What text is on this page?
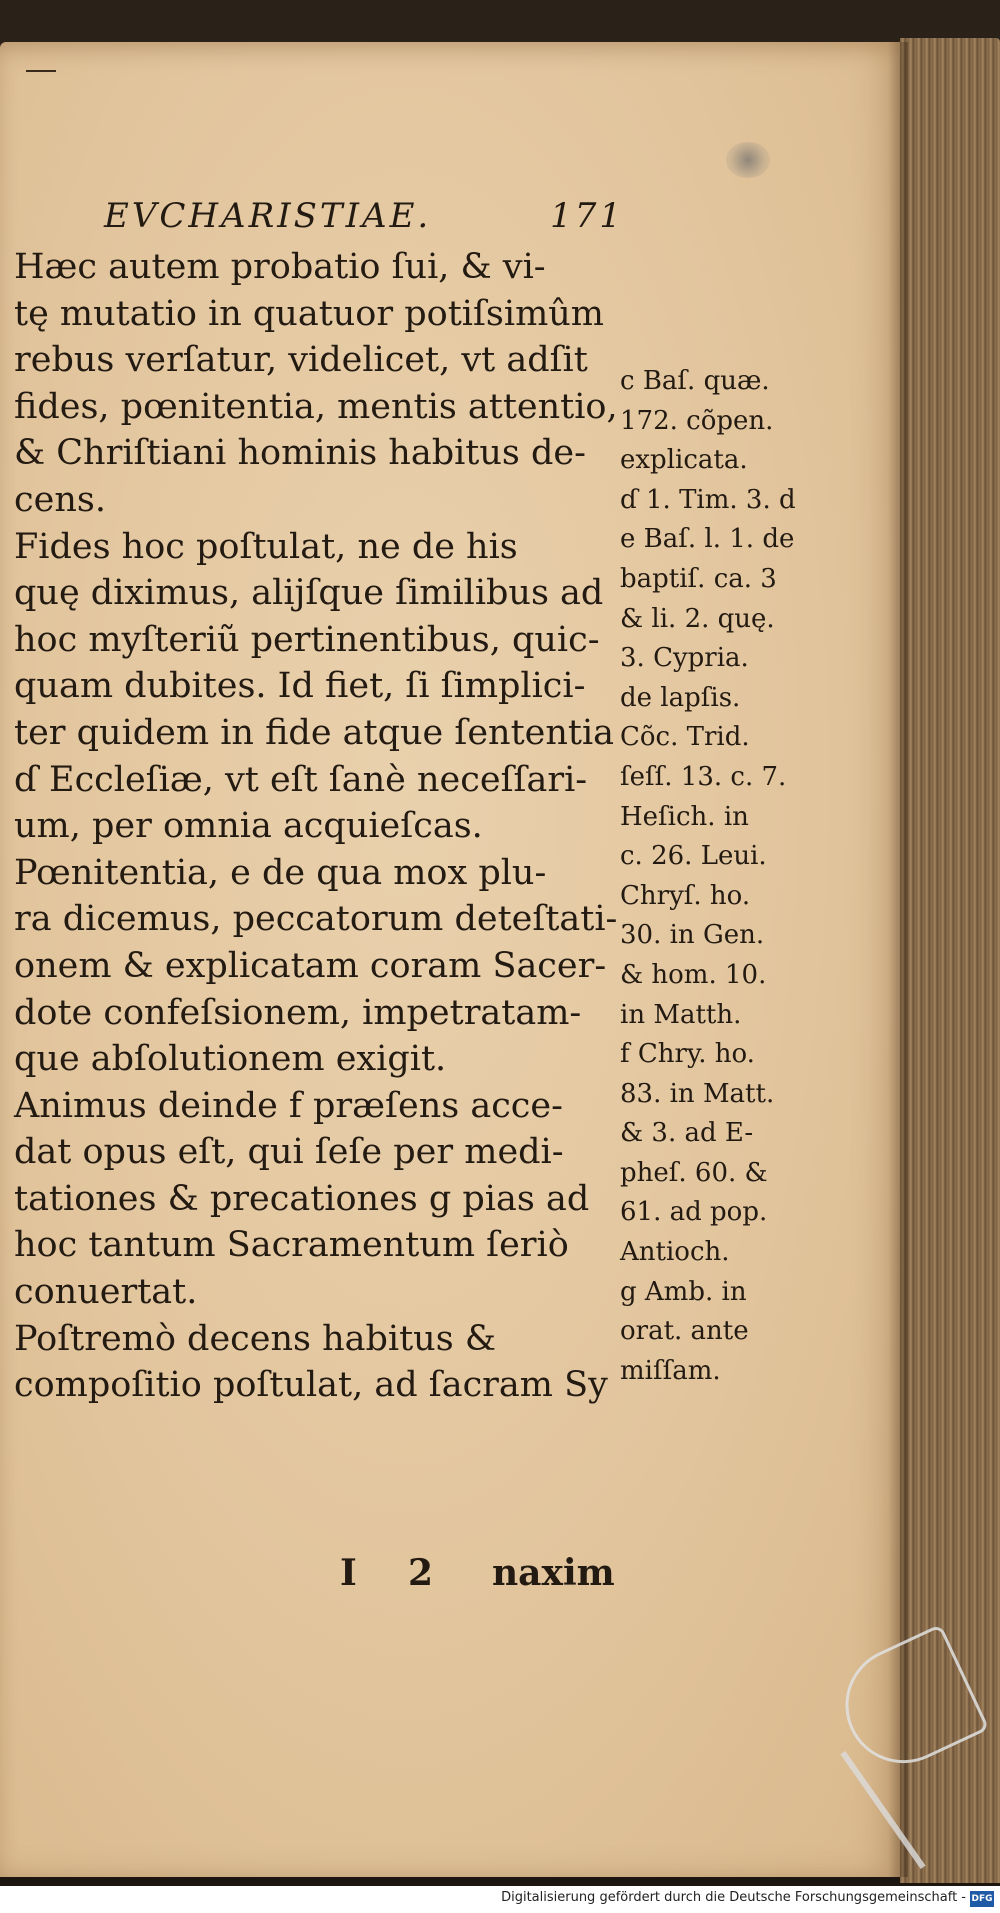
EVCHARISTIAE.	171
Hæc autem probatio ſui, & vi-
tę mutatio in quatuor potiſsimûm
rebus verſatur, videlicet, vt adſit
fides, pœnitentia, mentis attentio,
& Chriſtiani hominis habitus de-
cens.
Fides hoc poſtulat, ne de his
quę diximus, alijſque ſimilibus ad
hoc myſteriũ pertinentibus, quic-
quam dubites. Id fiet, ſi ſimplici-
ter quidem in fide atque ſententia
ɗ Eccleſiæ, vt eſt ſanè neceſſari-
um, per omnia acquieſcas.
Pœnitentia, e de qua mox plu-
ra dicemus, peccatorum deteſtati-
onem & explicatam coram Sacer-
dote confeſsionem, impetratam-
que abſolutionem exigit.
Animus deinde f præſens acce-
dat opus eſt, qui ſeſe per medi-
tationes & precationes g pias ad
hoc tantum Sacramentum ſeriò
conuertat.
Poſtremò decens habitus &
compoſitio poſtulat, ad ſacram Sy
c Baſ. quæ.
172. cõpen.
explicata.
ɗ 1. Tim. 3. d
e Baſ. l. 1. de
baptiſ. ca. 3
& li. 2. quę.
3. Cypria.
de lapſis.
Cõc. Trid.
ſeſſ. 13. c. 7.
Heſich. in
c. 26. Leui.
Chryſ. ho.
30. in Gen.
& hom. 10.
in Matth.
f Chry. ho.
83. in Matt.
& 3. ad E-
pheſ. 60. &
61. ad pop.
Antioch.
g Amb. in
orat. ante
miſſam.
I 2 naxim
Digitalisierung gefördert durch die Deutsche Forschungsgemeinschaft - DFG
